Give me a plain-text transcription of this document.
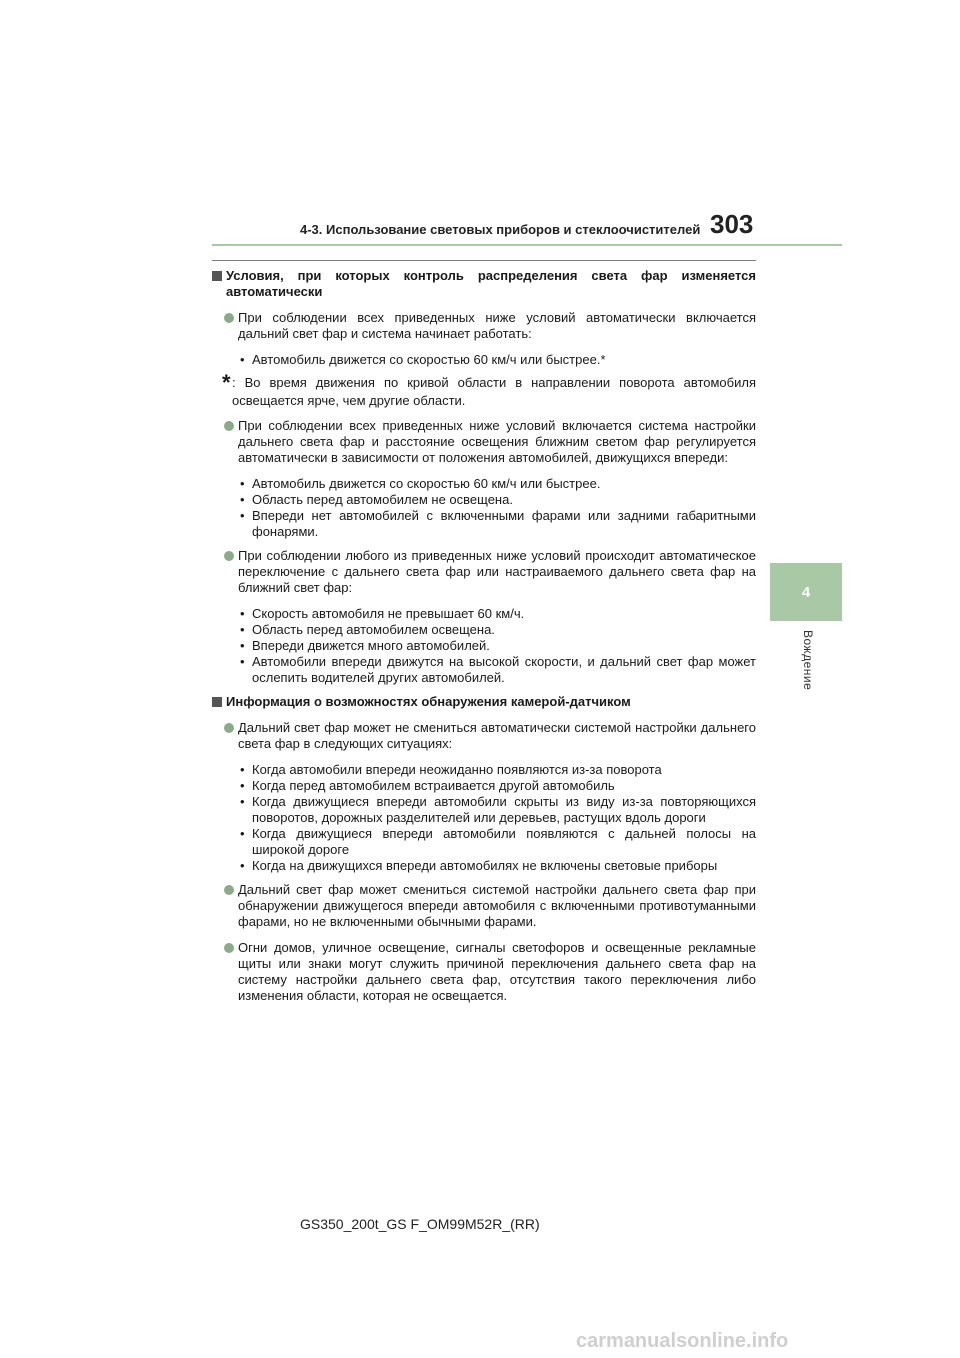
4-3. Использование световых приборов и стеклоочистителей 303
4
Вождение
Условия, при которых контроль распределения света фар изменяется автоматически
При соблюдении всех приведенных ниже условий автоматически включается дальний свет фар и система начинает работать:
• Автомобиль движется со скоростью 60 км/ч или быстрее.*
* : Во время движения по кривой области в направлении поворота автомобиля освещается ярче, чем другие области.
При соблюдении всех приведенных ниже условий включается система настройки дальнего света фар и расстояние освещения ближним светом фар регулируется автоматически в зависимости от положения автомобилей, движущихся впереди:
• Автомобиль движется со скоростью 60 км/ч или быстрее.
• Область перед автомобилем не освещена.
• Впереди нет автомобилей с включенными фарами или задними габаритными фонарями.
При соблюдении любого из приведенных ниже условий происходит автоматическое переключение с дальнего света фар или настраиваемого дальнего света фар на ближний свет фар:
• Скорость автомобиля не превышает 60 км/ч.
• Область перед автомобилем освещена.
• Впереди движется много автомобилей.
• Автомобили впереди движутся на высокой скорости, и дальний свет фар может ослепить водителей других автомобилей.
Информация о возможностях обнаружения камерой-датчиком
Дальний свет фар может не смениться автоматически системой настройки дальнего света фар в следующих ситуациях:
• Когда автомобили впереди неожиданно появляются из-за поворота
• Когда перед автомобилем встраивается другой автомобиль
• Когда движущиеся впереди автомобили скрыты из виду из-за повторяющихся поворотов, дорожных разделителей или деревьев, растущих вдоль дороги
• Когда движущиеся впереди автомобили появляются с дальней полосы на широкой дороге
• Когда на движущихся впереди автомобилях не включены световые приборы
Дальний свет фар может смениться системой настройки дальнего света фар при обнаружении движущегося впереди автомобиля с включенными противотуманными фарами, но не включенными обычными фарами.
Огни домов, уличное освещение, сигналы светофоров и освещенные рекламные щиты или знаки могут служить причиной переключения дальнего света фар на систему настройки дальнего света фар, отсутствия такого переключения либо изменения области, которая не освещается.
GS350_200t_GS F_OM99M52R_(RR)
carmanualsonline.info
